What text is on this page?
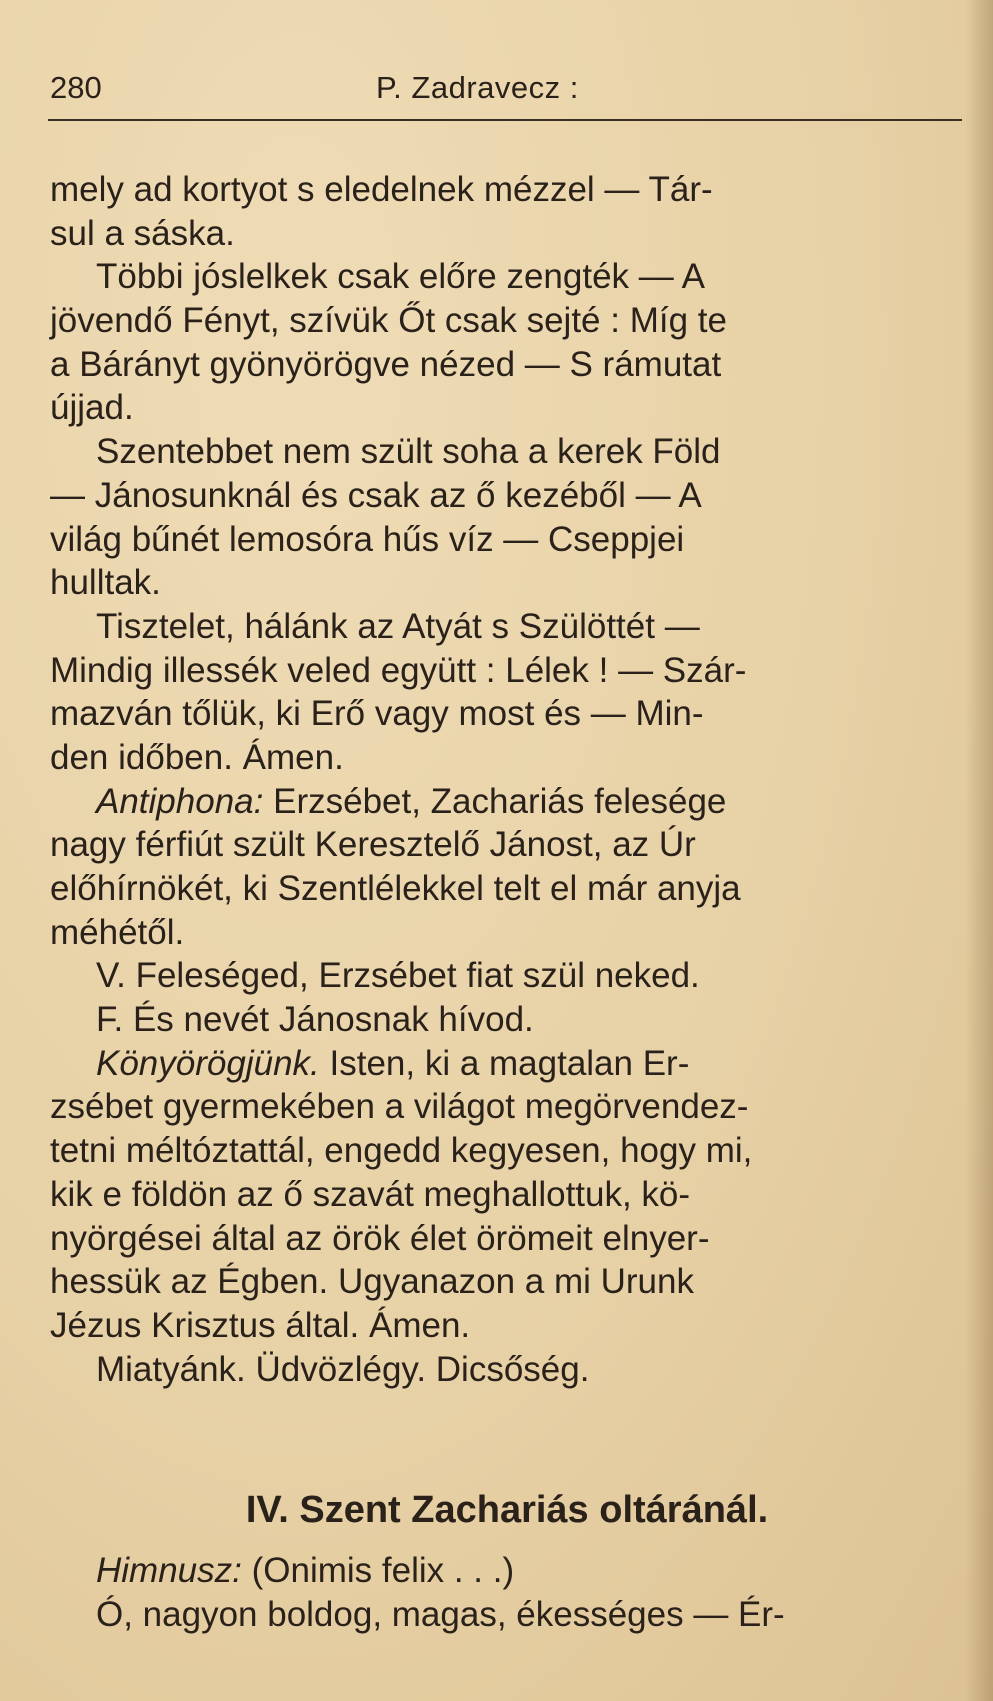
280	P. Zadravecz :
mely ad kortyot s eledelnek mézzel — Tár-
sul a sáska.
Többi jóslelkek csak előre zengték — A
jövendő Fényt, szívük Őt csak sejté : Míg te
a Bárányt gyönyörögve nézed — S rámutat
újjad.
Szentebbet nem szült soha a kerek Föld
— Jánosunknál és csak az ő kezéből — A
világ bűnét lemosóra hűs víz — Cseppjei
hulltak.
Tisztelet, hálánk az Atyát s Szülöttét —
Mindig illessék veled együtt : Lélek ! — Szár-
mazván tőlük, ki Erő vagy most és — Min-
den időben. Ámen.
Antiphona: Erzsébet, Zachariás felesége
nagy férfiút szült Keresztelő Jánost, az Úr
előhírnökét, ki Szentlélekkel telt el már anyja
méhétől.
V. Feleséged, Erzsébet fiat szül neked.
F. És nevét Jánosnak hívod.
Könyörögjünk. Isten, ki a magtalan Er-
zsébet gyermekében a világot megörvendez-
tetni méltóztattál, engedd kegyesen, hogy mi,
kik e földön az ő szavát meghallottuk, kö-
nyörgései által az örök élet örömeit elnyer-
hessük az Égben. Ugyanazon a mi Urunk
Jézus Krisztus által. Ámen.
Miatyánk. Üdvözlégy. Dicsőség.
IV. Szent Zachariás oltáránál.
Himnusz: (Onimis felix . . .)
Ó, nagyon boldog, magas, ékességes — Ér-
